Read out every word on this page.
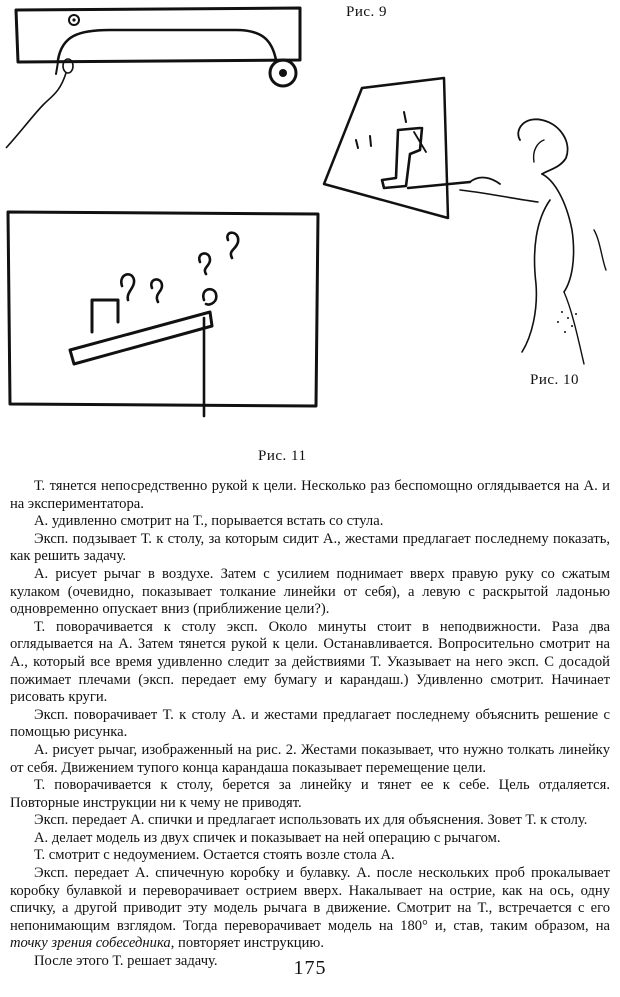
Рис. 9
Рис. 10
Рис. 11

Т. тянется непосредственно рукой к цели. Несколько раз беспомощно оглядывается на А. и на экспериментатора.

А. удивленно смотрит на Т., порывается встать со стула.

Эксп. подзывает Т. к столу, за которым сидит А., жестами предлагает последнему показать, как решить задачу.

А. рисует рычаг в воздухе. Затем с усилием поднимает вверх правую руку со сжатым кулаком (очевидно, показывает толкание линейки от себя), а левую с раскрытой ладонью одновременно опускает вниз (приближение цели?).

Т. поворачивается к столу эксп. Около минуты стоит в неподвижности. Раза два оглядывается на А. Затем тянется рукой к цели. Останавливается. Вопросительно смотрит на А., который все время удивленно следит за действиями Т. Указывает на него эксп. С досадой пожимает плечами (эксп. передает ему бумагу и карандаш.) Удивленно смотрит. Начинает рисовать круги.

Эксп. поворачивает Т. к столу А. и жестами предлагает последнему объяснить решение с помощью рисунка.

А. рисует рычаг, изображенный на рис. 2. Жестами показывает, что нужно толкать линейку от себя. Движением тупого конца карандаша показывает перемещение цели.

Т. поворачивается к столу, берется за линейку и тянет ее к себе. Цель отдаляется. Повторные инструкции ни к чему не приводят.

Эксп. передает А. спички и предлагает использовать их для объяснения. Зовет Т. к столу.

А. делает модель из двух спичек и показывает на ней операцию с рычагом.

Т. смотрит с недоумением. Остается стоять возле стола А.

Эксп. передает А. спичечную коробку и булавку. А. после нескольких проб прокалывает коробку булавкой и переворачивает острием вверх. Накалывает на острие, как на ось, одну спичку, а другой приводит эту модель рычага в движение. Смотрит на Т., встречается с его непонимающим взглядом. Тогда переворачивает модель на 180° и, став, таким образом, на точку зрения собеседника, повторяет инструкцию.

После этого Т. решает задачу.	175
